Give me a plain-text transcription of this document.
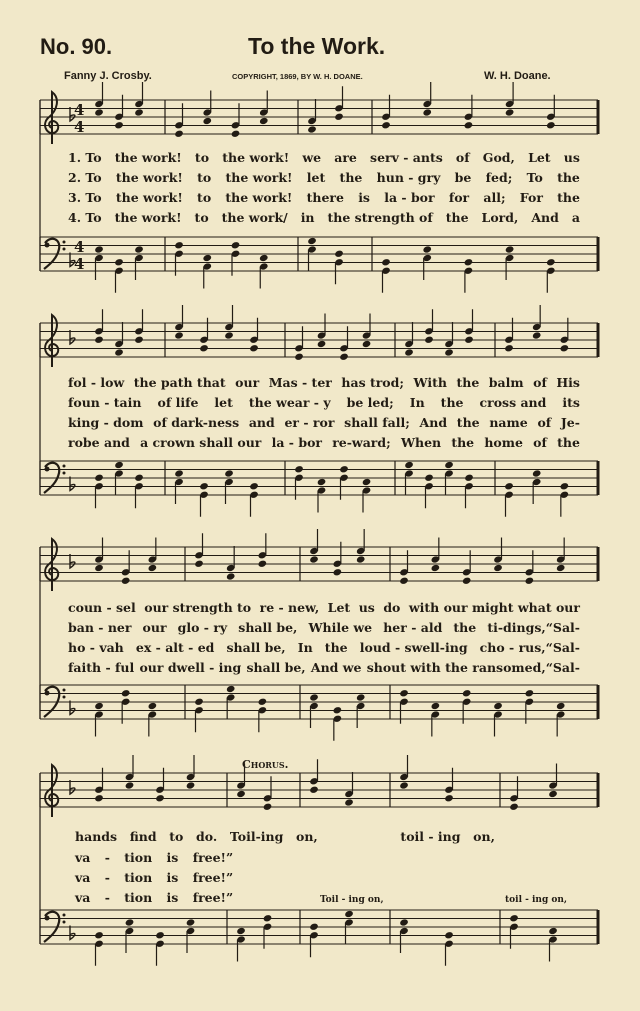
No. 90.	To the Work.
Fanny J. Crosby.	COPYRIGHT, 1869, BY W. H. DOANE.	W. H. Doane.
4
4
4
4
1. To the work! to the work! we are serv - ants of God, Let us
2. To the work! to the work! let the hun - gry be fed; To the
3. To the work! to the work! there is la - bor for all; For the
4. To the work! to the work/ in the strength of the Lord, And a
fol - low the path that our Mas - ter has trod; With the balm of His
foun - tain of life let the wear - y be led; In the cross and its
king - dom of dark-ness and er - ror shall fall; And the name of Je-
robe and a crown shall our la - bor re-ward; When the home of the
coun - sel our strength to re - new, Let us do with our might what our
ban - ner our glo - ry shall be, While we her - ald the ti-dings,“Sal-
ho - vah ex - alt - ed shall be, In the loud - swell-ing cho - rus,“Sal-
faith - ful our dwell - ing shall be, And we shout with the ransomed,“Sal-
Chorus.
hands find to do. Toil-ing on,	toil - ing on,
va - tion is free!”
va - tion is free!”
va - tion is free!”	Toil - ing on,	toil - ing on,
